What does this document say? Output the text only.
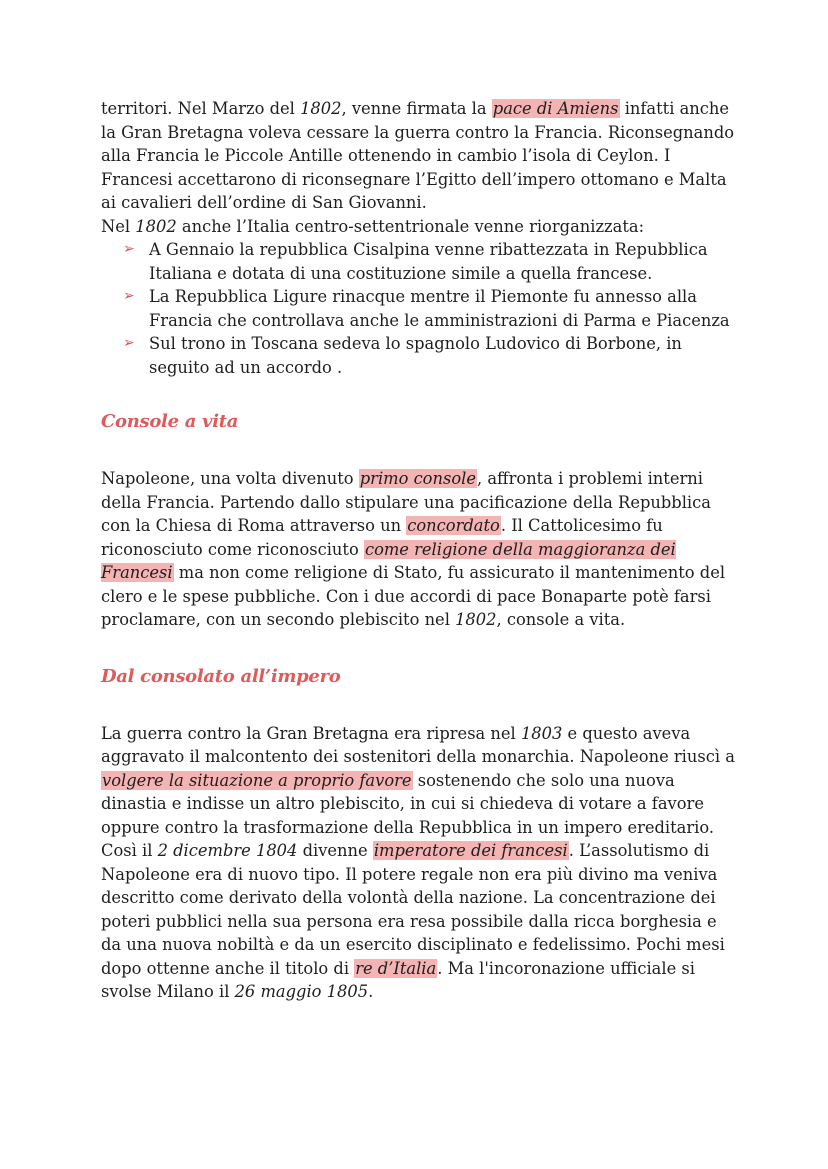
territori. Nel Marzo del 1802, venne firmata la pace di Amiens infatti anche la Gran Bretagna voleva cessare la guerra contro la Francia. Riconsegnando alla Francia le Piccole Antille ottenendo in cambio l’isola di Ceylon. I Francesi accettarono di riconsegnare l’Egitto dell’impero ottomano e Malta ai cavalieri dell’ordine di San Giovanni.

Nel 1802 anche l’Italia centro-settentrionale venne riorganizzata:

➢ A Gennaio la repubblica Cisalpina venne ribattezzata in Repubblica Italiana e dotata di una costituzione simile a quella francese.
➢ La Repubblica Ligure rinacque mentre il Piemonte fu annesso alla Francia che controllava anche le amministrazioni di Parma e Piacenza
➢ Sul trono in Toscana sedeva lo spagnolo Ludovico di Borbone, in seguito ad un accordo .
Console a vita

Napoleone, una volta divenuto primo console, affronta i problemi interni della Francia. Partendo dallo stipulare una pacificazione della Repubblica con la Chiesa di Roma attraverso un concordato. Il Cattolicesimo fu riconosciuto come riconosciuto come religione della maggioranza dei Francesi ma non come religione di Stato, fu assicurato il mantenimento del clero e le spese pubbliche. Con i due accordi di pace Bonaparte potè farsi proclamare, con un secondo plebiscito nel 1802, console a vita.

Dal consolato all’impero

La guerra contro la Gran Bretagna era ripresa nel 1803 e questo aveva aggravato il malcontento dei sostenitori della monarchia. Napoleone riuscì a volgere la situazione a proprio favore sostenendo che solo una nuova dinastia e indisse un altro plebiscito, in cui si chiedeva di votare a favore oppure contro la trasformazione della Repubblica in un impero ereditario. Così il 2 dicembre 1804 divenne imperatore dei francesi. L’assolutismo di Napoleone era di nuovo tipo. Il potere regale non era più divino ma veniva descritto come derivato della volontà della nazione. La concentrazione dei poteri pubblici nella sua persona era resa possibile dalla ricca borghesia e da una nuova nobiltà e da un esercito disciplinato e fedelissimo. Pochi mesi dopo ottenne anche il titolo di re d’Italia. Ma l'incoronazione ufficiale si svolse Milano il 26 maggio 1805.
